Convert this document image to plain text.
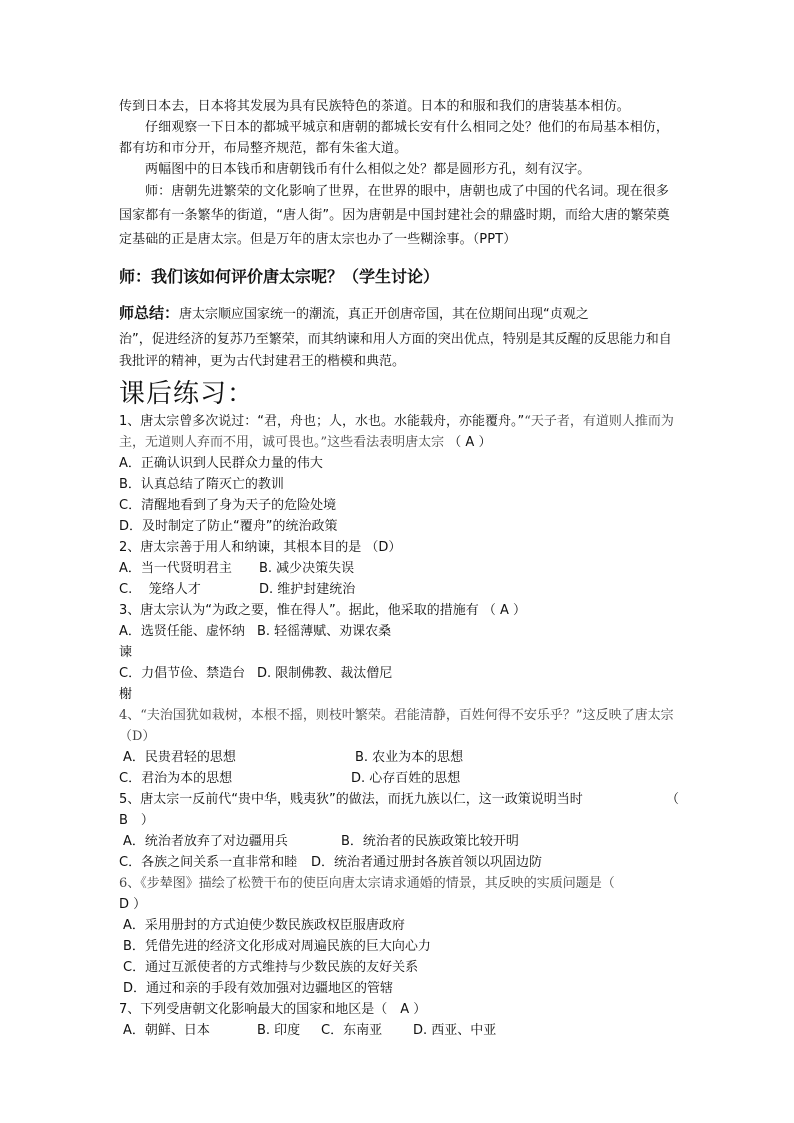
传到日本去，日本将其发展为具有民族特色的茶道。日本的和服和我们的唐装基本相仿。

仔细观察一下日本的都城平城京和唐朝的都城长安有什么相同之处？他们的布局基本相仿，都有坊和市分开，布局整齐规范，都有朱雀大道。

两幅图中的日本钱币和唐朝钱币有什么相似之处？都是圆形方孔，刻有汉字。

师：唐朝先进繁荣的文化影响了世界，在世界的眼中，唐朝也成了中国的代名词。现在很多国家都有一条繁华的街道，“唐人街”。因为唐朝是中国封建社会的鼎盛时期，而给大唐的繁荣奠定基础的正是唐太宗。但是万年的唐太宗也办了一些糊涂事。（PPT）

师：我们该如何评价唐太宗呢？（学生讨论）

师总结：唐太宗顺应国家统一的潮流，真正开创唐帝国，其在位期间出现“贞观之

治”，促进经济的复苏乃至繁荣，而其纳谏和用人方面的突出优点，特别是其反醒的反思能力和自我批评的精神，更为古代封建君王的楷模和典范。

课后练习：

1、唐太宗曾多次说过：“君，舟也；人，水也。水能载舟，亦能覆舟。”“天子者，有道则人推而为主，无道则人弃而不用，诚可畏也。”这些看法表明唐太宗 （ A ）

A．正确认识到人民群众力量的伟大

B．认真总结了隋灭亡的教训

C．清醒地看到了身为天子的危险处境

D．及时制定了防止“覆舟”的统治政策

2、唐太宗善于用人和纳谏，其根本目的是 （D）

A．当一代贤明君主	B. 减少决策失误
C.    笼络人才	D. 维护封建统治

3、唐太宗认为“为政之要，惟在得人”。据此，他采取的措施有 （ A ）

A．选贤任能、虚怀纳谏
B. 轻徭薄赋、劝课农桑
C．力倡节俭、禁造台榭
D. 限制佛教、裁汰僧尼

4、“夫治国犹如栽树，本根不摇，则枝叶繁荣。君能清静，百姓何得不安乐乎？”这反映了唐太宗 （D）

A．民贵君轻的思想	B. 农业为本的思想
C．君治为本的思想	D. 心存百姓的思想

5、唐太宗一反前代“贵中华，贱夷狄”的做法，而抚九族以仁，这一政策说明当时	（

B　）

A．统治者放弃了对边疆用兵	B．统治者的民族政策比较开明
C．各族之间关系一直非常和睦	D．统治者通过册封各族首领以巩固边防

6、《步辇图》描绘了松赞干布的使臣向唐太宗请求通婚的情景，其反映的实质问题是（

D ）

A．采用册封的方式迫使少数民族政权臣服唐政府

B．凭借先进的经济文化形成对周遍民族的巨大向心力

C．通过互派使者的方式维持与少数民族的友好关系

D．通过和亲的手段有效加强对边疆地区的管辖

7、下列受唐朝文化影响最大的国家和地区是（　A ）

A．朝鲜、日本	B. 印度	C．东南亚	D. 西亚、中亚
